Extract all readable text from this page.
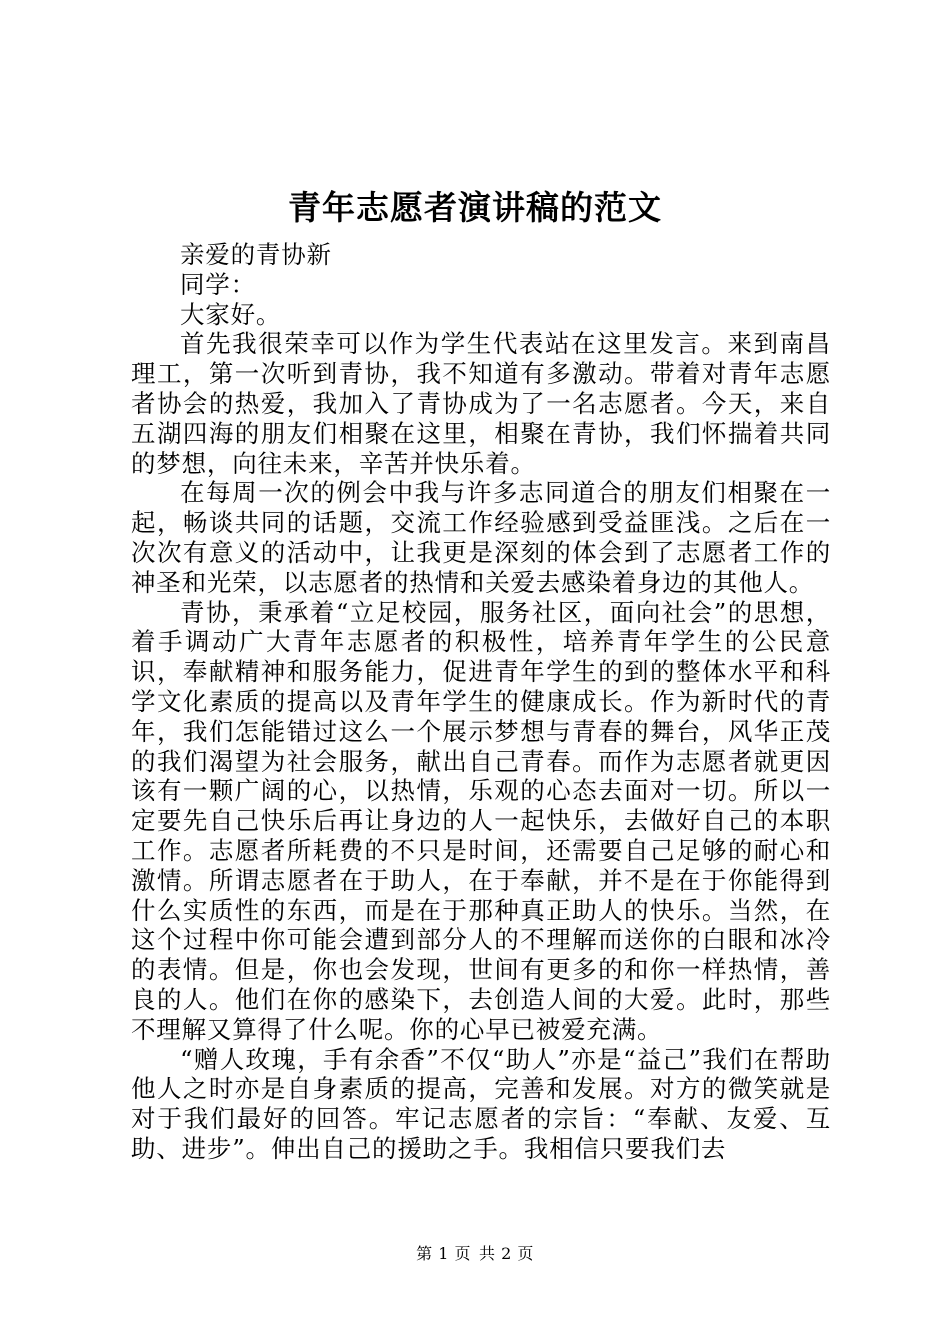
青年志愿者演讲稿的范文

亲爱的青协新

同学：

大家好。

首先我很荣幸可以作为学生代表站在这里发言。来到南昌理工，第一次听到青协，我不知道有多激动。带着对青年志愿者协会的热爱，我加入了青协成为了一名志愿者。今天，来自五湖四海的朋友们相聚在这里，相聚在青协，我们怀揣着共同的梦想，向往未来，辛苦并快乐着。

在每周一次的例会中我与许多志同道合的朋友们相聚在一起，畅谈共同的话题，交流工作经验感到受益匪浅。之后在一次次有意义的活动中，让我更是深刻的体会到了志愿者工作的神圣和光荣，以志愿者的热情和关爱去感染着身边的其他人。

青协，秉承着“立足校园，服务社区，面向社会”的思想，着手调动广大青年志愿者的积极性，培养青年学生的公民意识，奉献精神和服务能力，促进青年学生的到的整体水平和科学文化素质的提高以及青年学生的健康成长。作为新时代的青年，我们怎能错过这么一个展示梦想与青春的舞台，风华正茂的我们渴望为社会服务，献出自己青春。而作为志愿者就更因该有一颗广阔的心，以热情，乐观的心态去面对一切。所以一定要先自己快乐后再让身边的人一起快乐，去做好自己的本职工作。志愿者所耗费的不只是时间，还需要自己足够的耐心和激情。所谓志愿者在于助人，在于奉献，并不是在于你能得到什么实质性的东西，而是在于那种真正助人的快乐。当然，在这个过程中你可能会遭到部分人的不理解而送你的白眼和冰冷的表情。但是，你也会发现，世间有更多的和你一样热情，善良的人。他们在你的感染下，去创造人间的大爱。此时，那些不理解又算得了什么呢。你的心早已被爱充满。

“赠人玫瑰，手有余香”不仅“助人”亦是“益己”我们在帮助他人之时亦是自身素质的提高，完善和发展。对方的微笑就是对于我们最好的回答。牢记志愿者的宗旨：“奉献、友爱、互助、进步”。伸出自己的援助之手。我相信只要我们去

第 1 页 共 2 页
